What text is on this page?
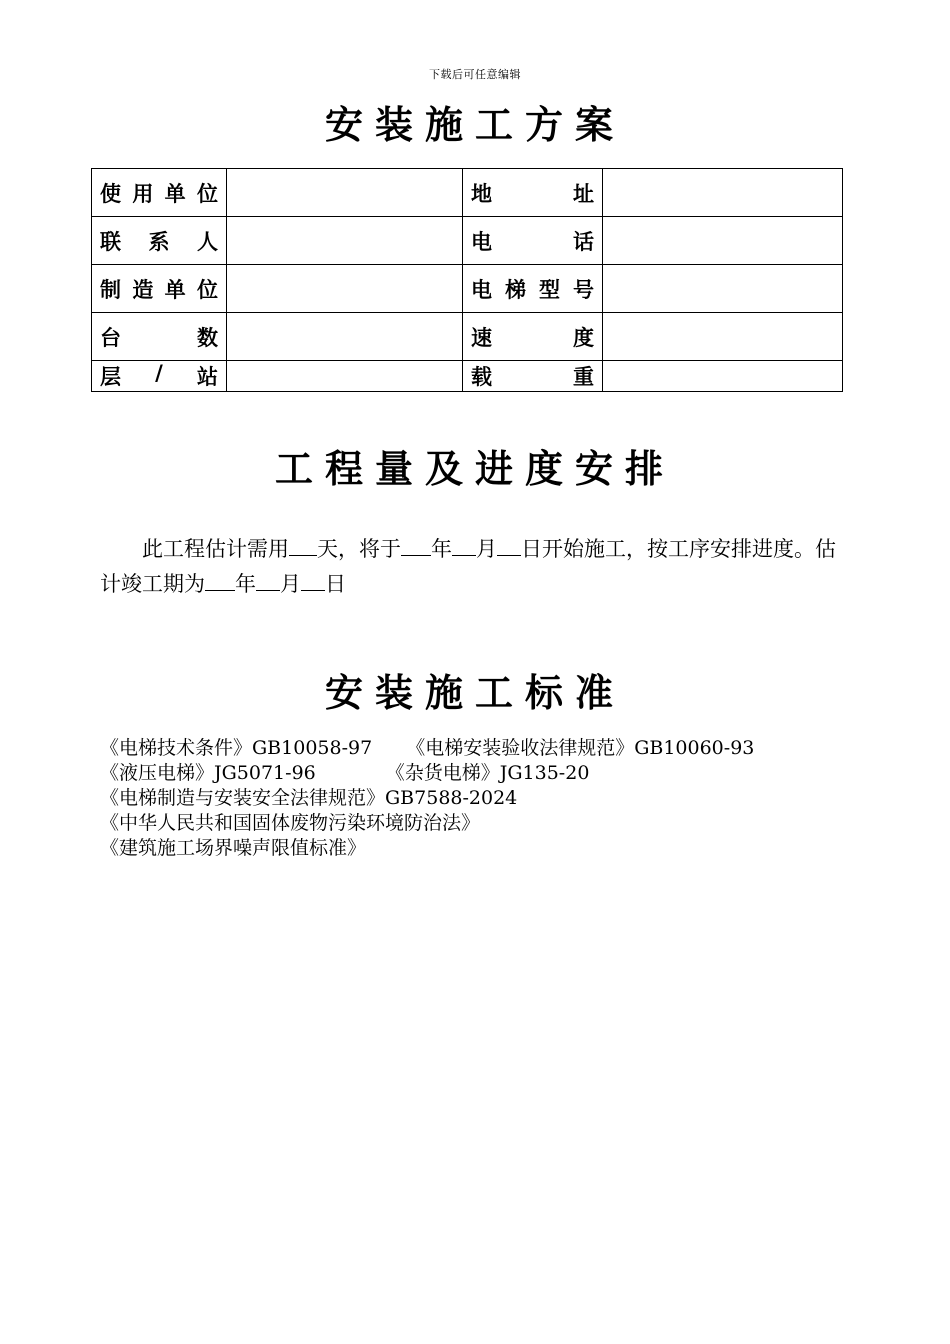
下载后可任意编辑
安装施工方案
使 用 单 位		地 址	

联 系 人		电 话	

制 造 单 位		电 梯 型 号	

台 数		速 度	

层 / 站		载 重	

工程量及进度安排
此工程估计需用 天，将于 年 月 日开始施工，按工序安排进度。估计竣工期为 年 月 日
安装施工标准
《电梯技术条件》GB10058-97 《电梯安装验收法律规范》GB10060-93
《液压电梯》JG5071-96	《杂货电梯》JG135-20
《电梯制造与安装安全法律规范》GB7588-2024
《中华人民共和国固体废物污染环境防治法》
《建筑施工场界噪声限值标准》
